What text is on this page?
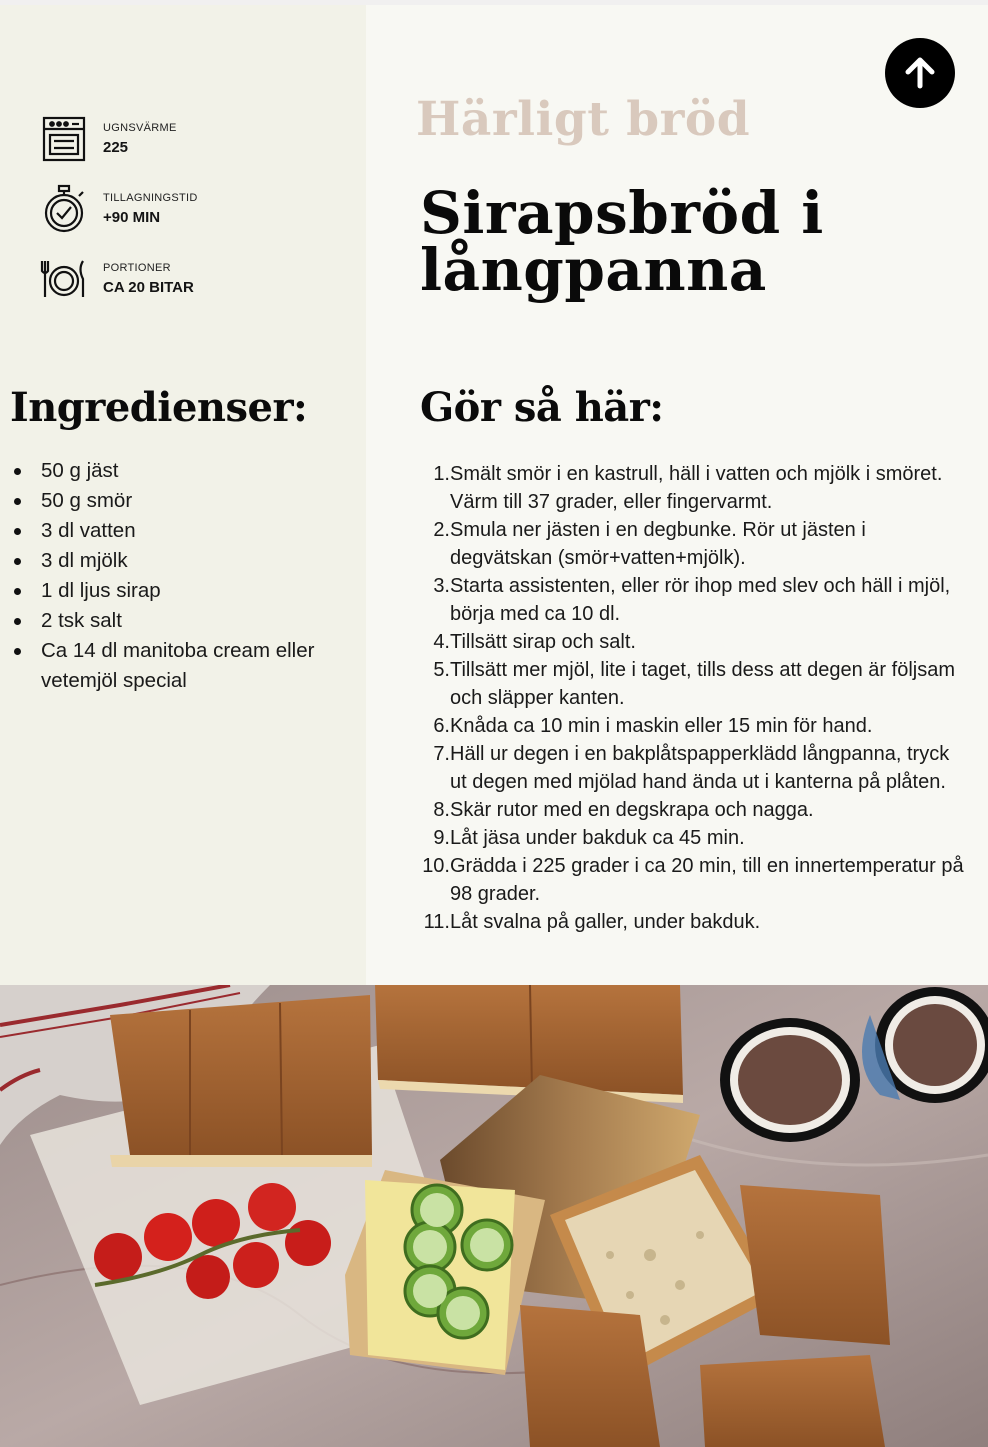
UGNSVÄRME
225
TILLAGNINGSTID
+90 MIN
PORTIONER
CA 20 BITAR
Ingredienser:
50 g jäst
50 g smör
3 dl vatten
3 dl mjölk
1 dl ljus sirap
2 tsk salt
Ca 14 dl manitoba cream eller vetemjöl special
Härligt bröd
Sirapsbröd i långpanna
Gör så här:
1. Smält smör i en kastrull, häll i vatten och mjölk i smöret. Värm till 37 grader, eller fingervarmt.
2. Smula ner jästen i en degbunke. Rör ut jästen i degvätskan (smör+vatten+mjölk).
3. Starta assistenten, eller rör ihop med slev och häll i mjöl, börja med ca 10 dl.
4. Tillsätt sirap och salt.
5. Tillsätt mer mjöl, lite i taget, tills dess att degen är följsam och släpper kanten.
6. Knåda ca 10 min i maskin eller 15 min för hand.
7. Häll ur degen i en bakplåtspapperklädd långpanna, tryck ut degen med mjölad hand ända ut i kanterna på plåten.
8. Skär rutor med en degskrapa och nagga.
9. Låt jäsa under bakduk ca 45 min.
10. Grädda i 225 grader i ca 20 min, till en innertemperatur på 98 grader.
11. Låt svalna på galler, under bakduk.
